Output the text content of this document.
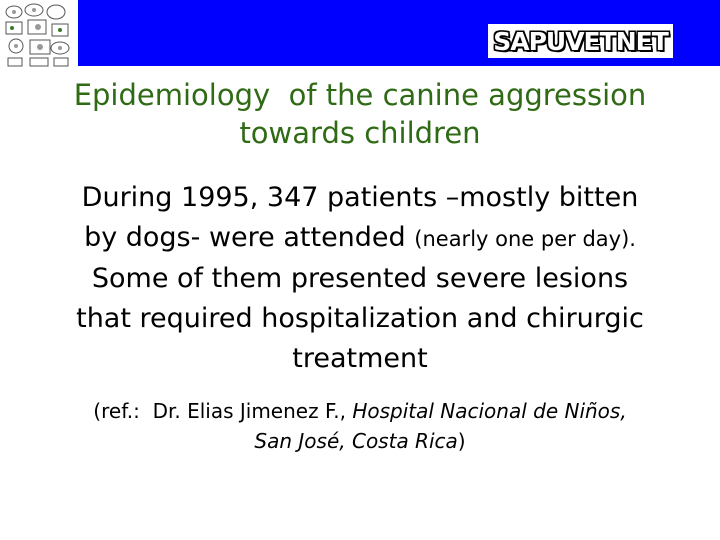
SAPUVETNET
Epidemiology  of the canine aggression
towards children
During 1995, 347 patients –mostly bitten
by dogs- were attended (nearly one per day).
Some of them presented severe lesions
that required hospitalization and chirurgic
treatment
(ref.:  Dr. Elias Jimenez F., Hospital Nacional de Niños,
San José, Costa Rica)
